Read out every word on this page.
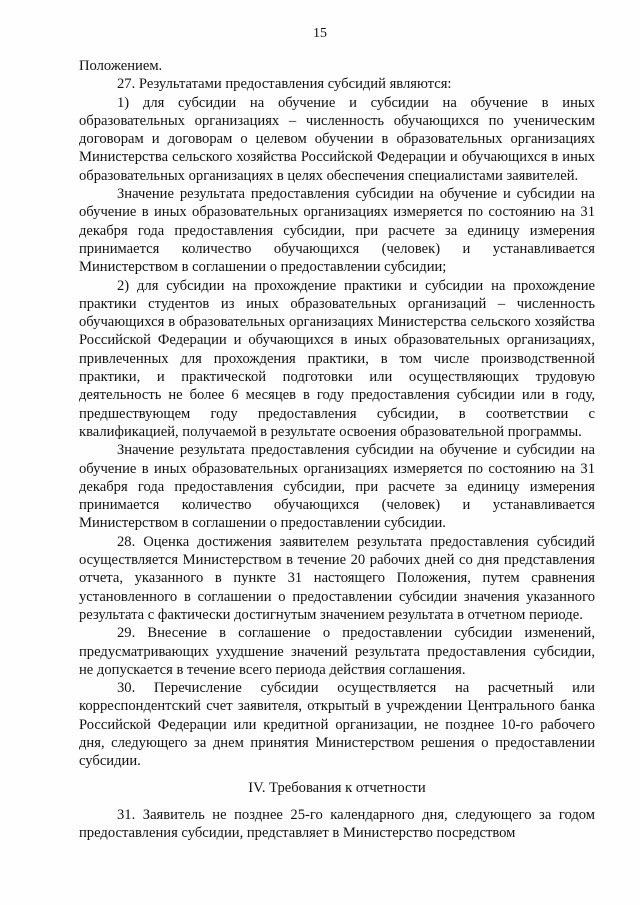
15

Положением.

27. Результатами предоставления субсидий являются:

1) для субсидии на обучение и субсидии на обучение в иных образовательных организациях – численность обучающихся по ученическим договорам и договорам о целевом обучении в образовательных организациях Министерства сельского хозяйства Российской Федерации и обучающихся в иных образовательных организациях в целях обеспечения специалистами заявителей.

Значение результата предоставления субсидии на обучение и субсидии на обучение в иных образовательных организациях измеряется по состоянию на 31 декабря года предоставления субсидии, при расчете за единицу измерения принимается количество обучающихся (человек) и устанавливается Министерством в соглашении о предоставлении субсидии;

2) для субсидии на прохождение практики и субсидии на прохождение практики студентов из иных образовательных организаций – численность обучающихся в образовательных организациях Министерства сельского хозяйства Российской Федерации и обучающихся в иных образовательных организациях, привлеченных для прохождения практики, в том числе производственной практики, и практической подготовки или осуществляющих трудовую деятельность не более 6 месяцев в году предоставления субсидии или в году, предшествующем году предоставления субсидии, в соответствии с квалификацией, получаемой в результате освоения образовательной программы.

Значение результата предоставления субсидии на обучение и субсидии на обучение в иных образовательных организациях измеряется по состоянию на 31 декабря года предоставления субсидии, при расчете за единицу измерения принимается количество обучающихся (человек) и устанавливается Министерством в соглашении о предоставлении субсидии.

28. Оценка достижения заявителем результата предоставления субсидий осуществляется Министерством в течение 20 рабочих дней со дня представления отчета, указанного в пункте 31 настоящего Положения, путем сравнения установленного в соглашении о предоставлении субсидии значения указанного результата с фактически достигнутым значением результата в отчетном периоде.

29. Внесение в соглашение о предоставлении субсидии изменений, предусматривающих ухудшение значений результата предоставления субсидии, не допускается в течение всего периода действия соглашения.

30. Перечисление субсидии осуществляется на расчетный или корреспондентский счет заявителя, открытый в учреждении Центрального банка Российской Федерации или кредитной организации, не позднее 10-го рабочего дня, следующего за днем принятия Министерством решения о предоставлении субсидии.

IV. Требования к отчетности

31. Заявитель не позднее 25-го календарного дня, следующего за годом предоставления субсидии, представляет в Министерство посредством
